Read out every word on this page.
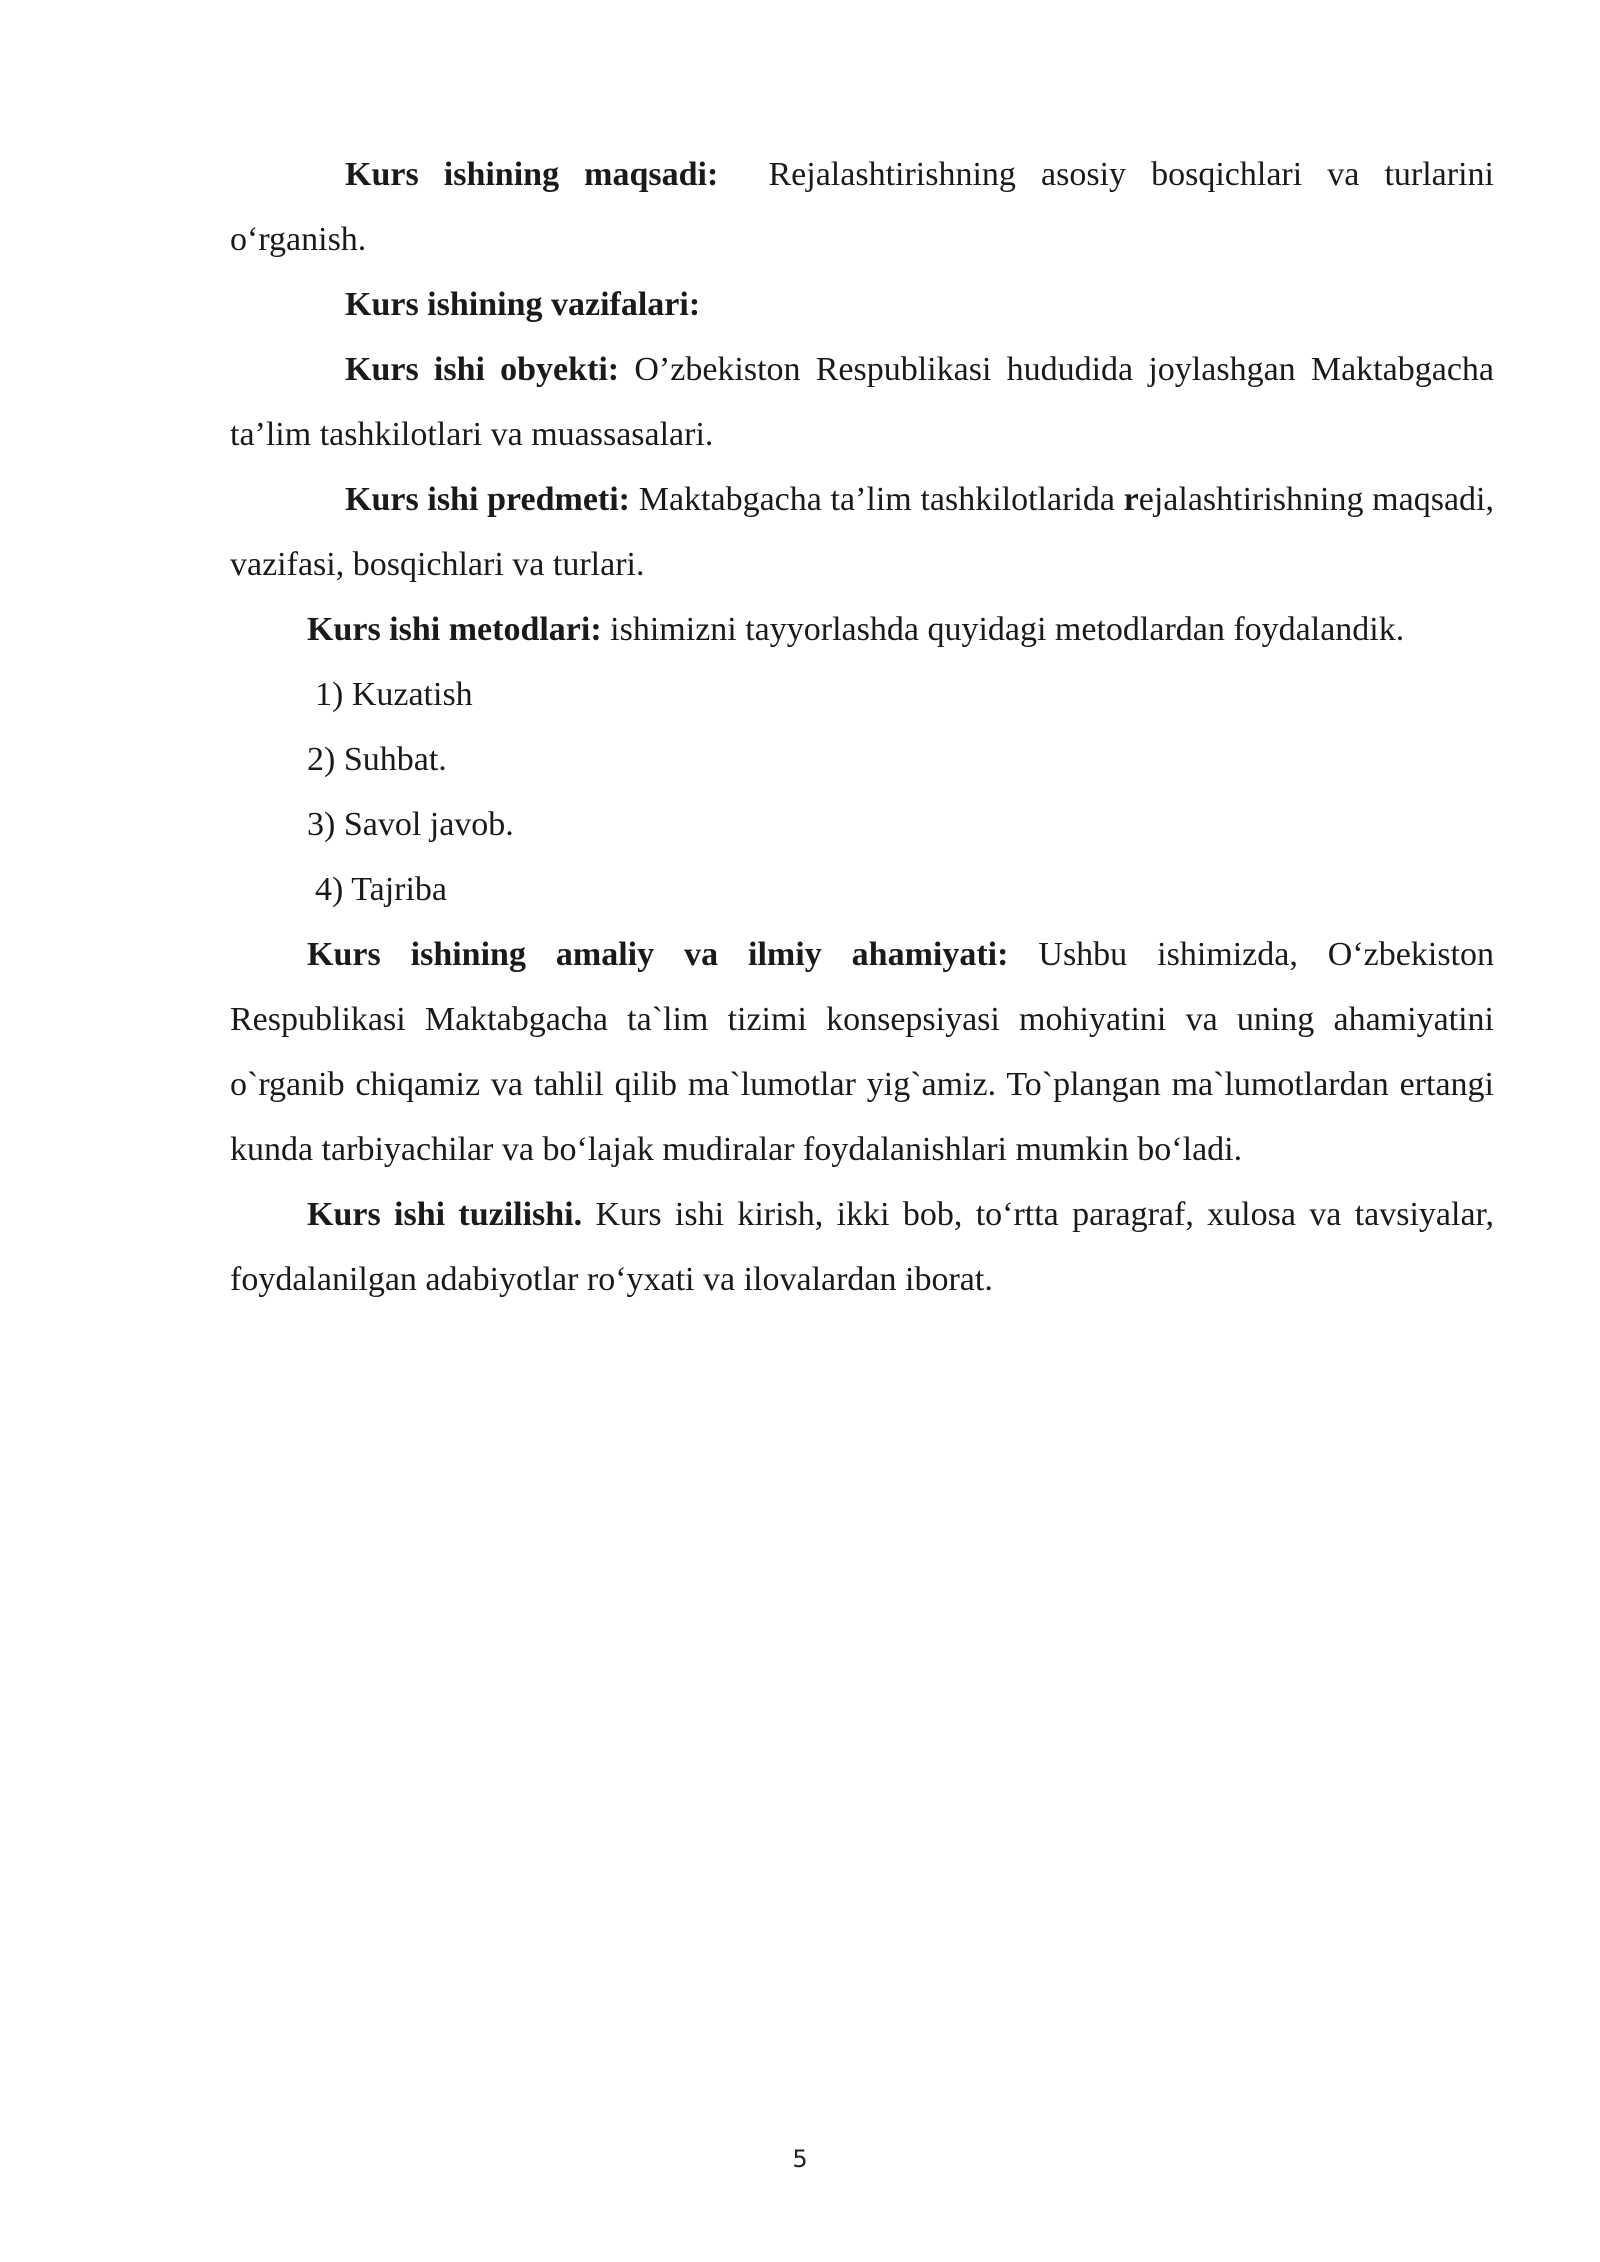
Kurs ishining maqsadi:  Rejalashtirishning asosiy bosqichlari va turlarini o‘rganish.

Kurs ishining vazifalari:

Kurs ishi obyekti: O’zbekiston Respublikasi hududida joylashgan Maktabgacha ta’lim tashkilotlari va muassasalari.

Kurs ishi predmeti: Maktabgacha ta’lim tashkilotlarida rejalashtirishning maqsadi, vazifasi, bosqichlari va turlari.

Kurs ishi metodlari: ishimizni tayyorlashda quyidagi metodlardan foydalandik.

1) Kuzatish

2) Suhbat.

3) Savol javob.

4) Tajriba

Kurs ishining amaliy va ilmiy ahamiyati: Ushbu ishimizda, O‘zbekiston Respublikasi Maktabgacha ta`lim tizimi konsepsiyasi mohiyatini va uning ahamiyatini o`rganib chiqamiz va tahlil qilib ma`lumotlar yig`amiz. To`plangan ma`lumotlardan ertangi kunda tarbiyachilar va bo‘lajak mudiralar foydalanishlari mumkin bo‘ladi.

Kurs ishi tuzilishi. Kurs ishi kirish, ikki bob, to‘rtta paragraf, xulosa va tavsiyalar, foydalanilgan adabiyotlar ro‘yxati va ilovalardan iborat.

5
